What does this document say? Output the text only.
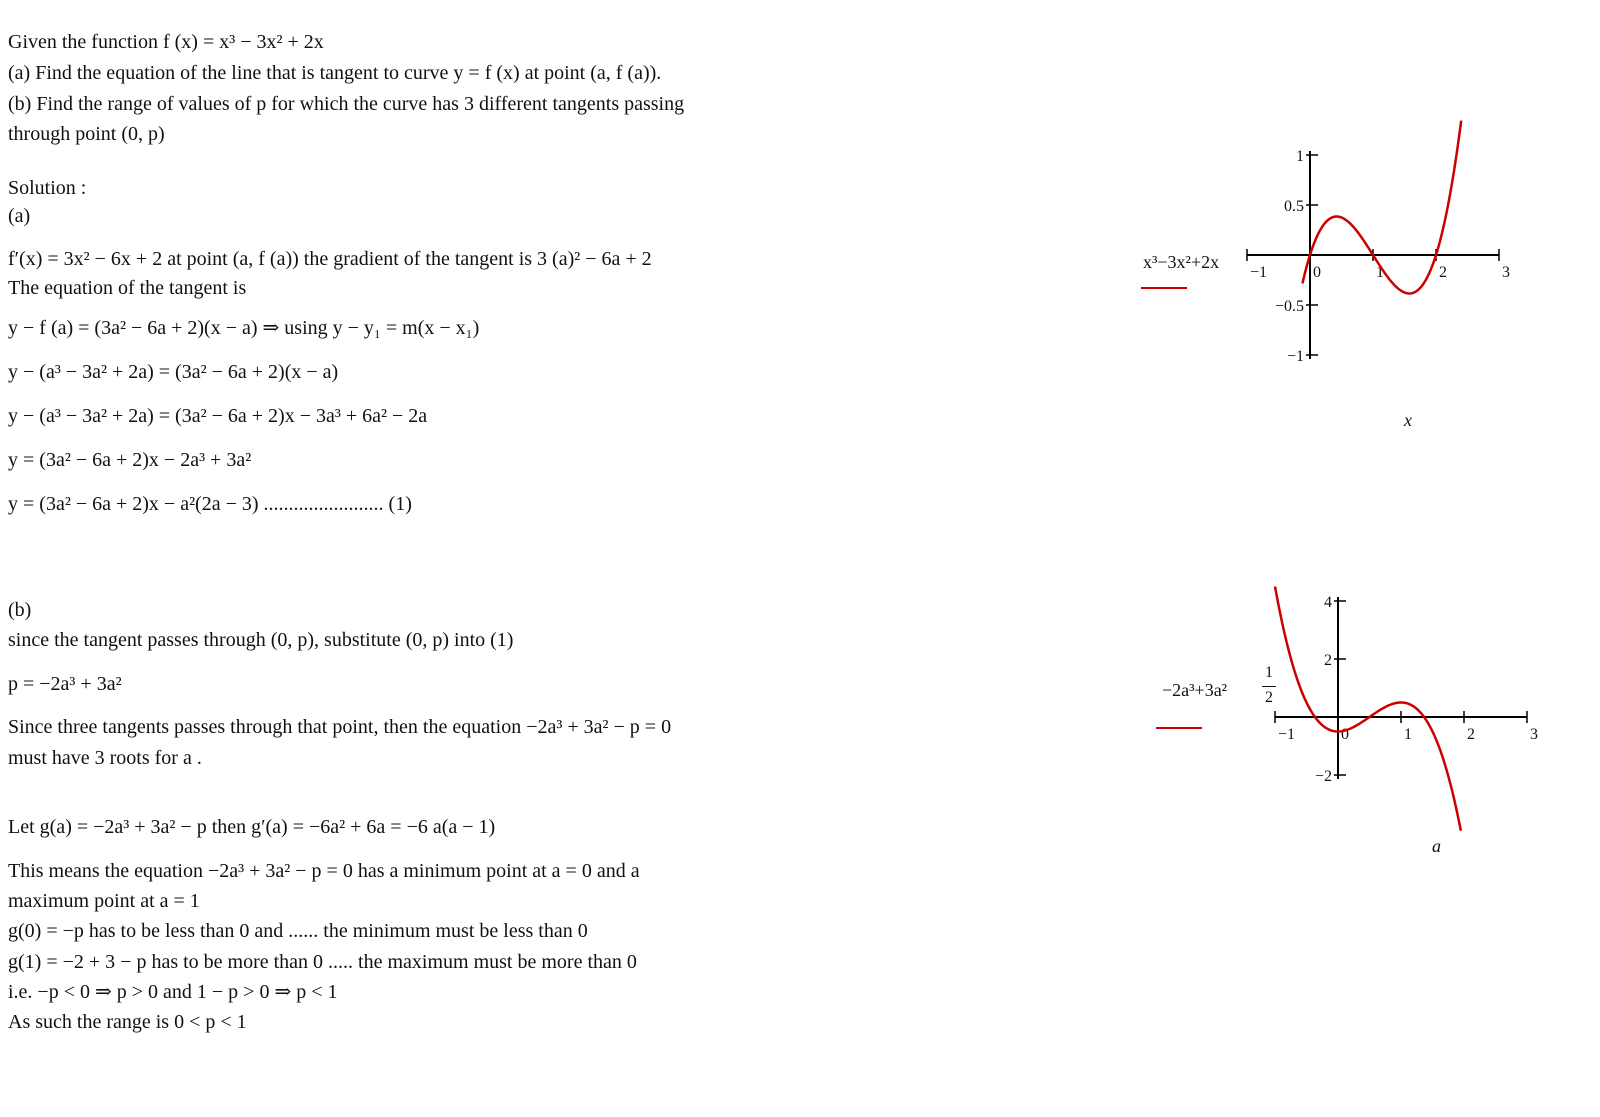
Given the function f (x) = x³ − 3x² + 2x
(a) Find the equation of the line that is tangent to curve y = f (x) at point (a, f (a)).
(b) Find the range of values of p for which the curve has 3 different tangents passing
through point (0, p)
Solution :
(a)
f′(x) = 3x² − 6x + 2 at point (a, f (a)) the gradient of the tangent is 3 (a)² − 6a + 2
The equation of the tangent is
y − f (a) = (3a² − 6a + 2)(x − a) ⇒ using y − y₁ = m(x − x₁)
y − (a³ − 3a² + 2a) = (3a² − 6a + 2)(x − a)
y − (a³ − 3a² + 2a) = (3a² − 6a + 2)x − 3a³ + 6a² − 2a
y = (3a² − 6a + 2)x − 2a³ + 3a²
y = (3a² − 6a + 2)x − a²(2a − 3) ........................ (1)
(b)
since the tangent passes through (0, p), substitute (0, p) into (1)
p = −2a³ + 3a²
Since three tangents passes through that point, then the equation −2a³ + 3a² − p = 0
must have 3 roots for a .
Let g(a) = −2a³ + 3a² − p then g′(a) = −6a² + 6a = −6 a(a − 1)
This means the equation −2a³ + 3a² − p = 0 has a minimum point at a = 0 and a
maximum point at a = 1
g(0) = −p has to be less than 0 and ...... the minimum must be less than 0
g(1) = −2 + 3 − p has to be more than 0 ..... the maximum must be more than 0
i.e. −p < 0 ⇒ p > 0 and 1 − p > 0 ⇒ p < 1
As such the range is 0 < p < 1
x³−3x²+2x
x
−2a³+3a²
1
2
a
−1	0	1	2	3
1
0.5
−0.5
−1
−1	0	1	2	3
4
2
−2
